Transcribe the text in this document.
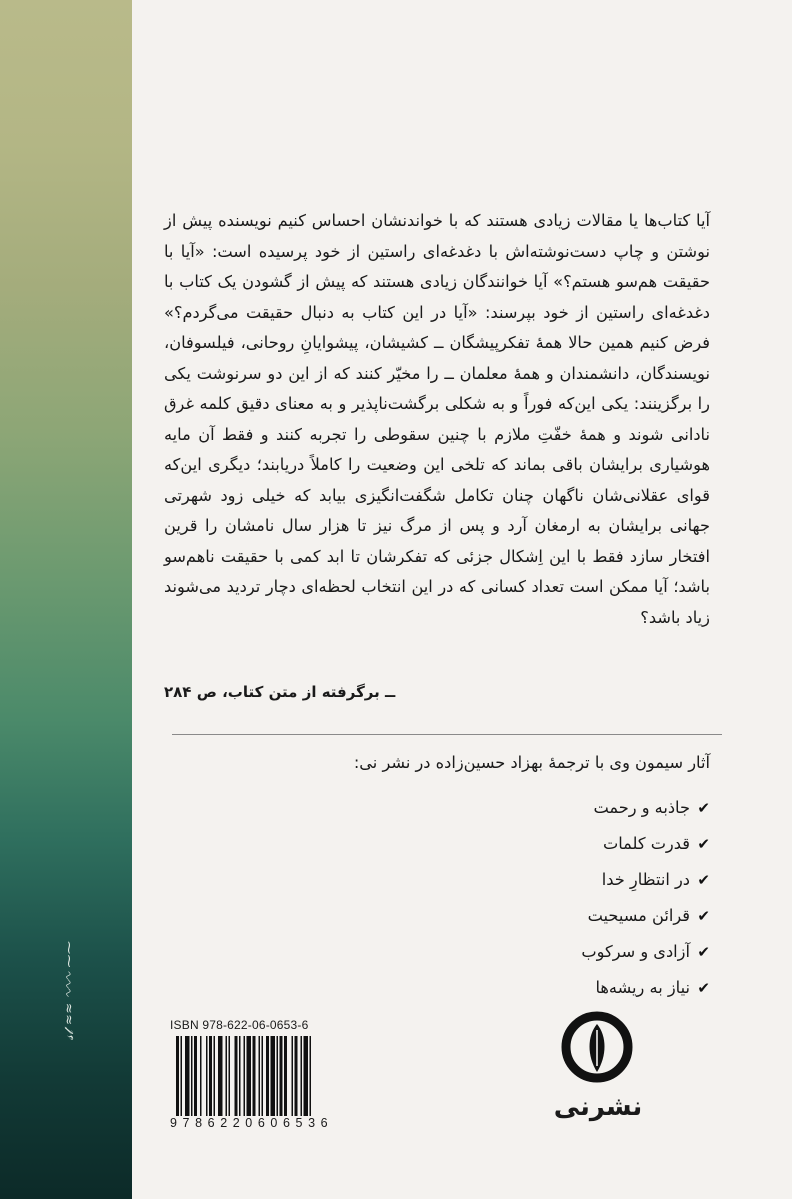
𝓈𝓉 ≈≈ ∿∿∿ ⁓⁓
آیا کتاب‌ها یا مقالات زیادی هستند که با خواندنشان احساس کنیم نویسنده پیش از نوشتن و چاپ دست‌نوشته‌اش با دغدغه‌ای راستین از خود پرسیده است: «آیا با حقیقت هم‌سو هستم؟» آیا خوانندگان زیادی هستند که پیش از گشودن یک کتاب با دغدغه‌ای راستین از خود بپرسند: «آیا در این کتاب به دنبال حقیقت می‌گردم؟» فرض کنیم همین حالا همهٔ تفکرپیشگان ــ کشیشان، پیشوایانِ روحانی، فیلسوفان، نویسندگان، دانشمندان و همهٔ معلمان ــ را مخیّر کنند که از این دو سرنوشت یکی را برگزینند: یکی این‌که فوراً و به شکلی برگشت‌ناپذیر و به معنای دقیق کلمه غرق نادانی شوند و همهٔ خفّتِ ملازم با چنین سقوطی را تجربه کنند و فقط آن مایه هوشیاری برایشان باقی بماند که تلخی این وضعیت را کاملاً دریابند؛ دیگری این‌که قوای عقلانی‌شان ناگهان چنان تکامل شگفت‌انگیزی بیابد که خیلی زود شهرتی جهانی برایشان به ارمغان آرد و پس از مرگ نیز تا هزار سال نامشان را قرین افتخار سازد فقط با این اِشکال جزئی که تفکرشان تا ابد کمی با حقیقت ناهم‌سو باشد؛ آیا ممکن است تعداد کسانی که در این انتخاب لحظه‌ای دچار تردید می‌شوند زیاد باشد؟
ــ برگرفته از متن کتاب، ص ۲۸۴
آثار سیمون وی با ترجمهٔ بهزاد حسین‌زاده در نشر نی:
✔
جاذبه و رحمت
✔
قدرت کلمات
✔
در انتظارِ خدا
✔
قرائن مسیحیت
✔
آزادی و سرکوب
✔
نیاز به ریشه‌ها
ISBN 978-622-06-0653-6
9786220606536
نشرنی
